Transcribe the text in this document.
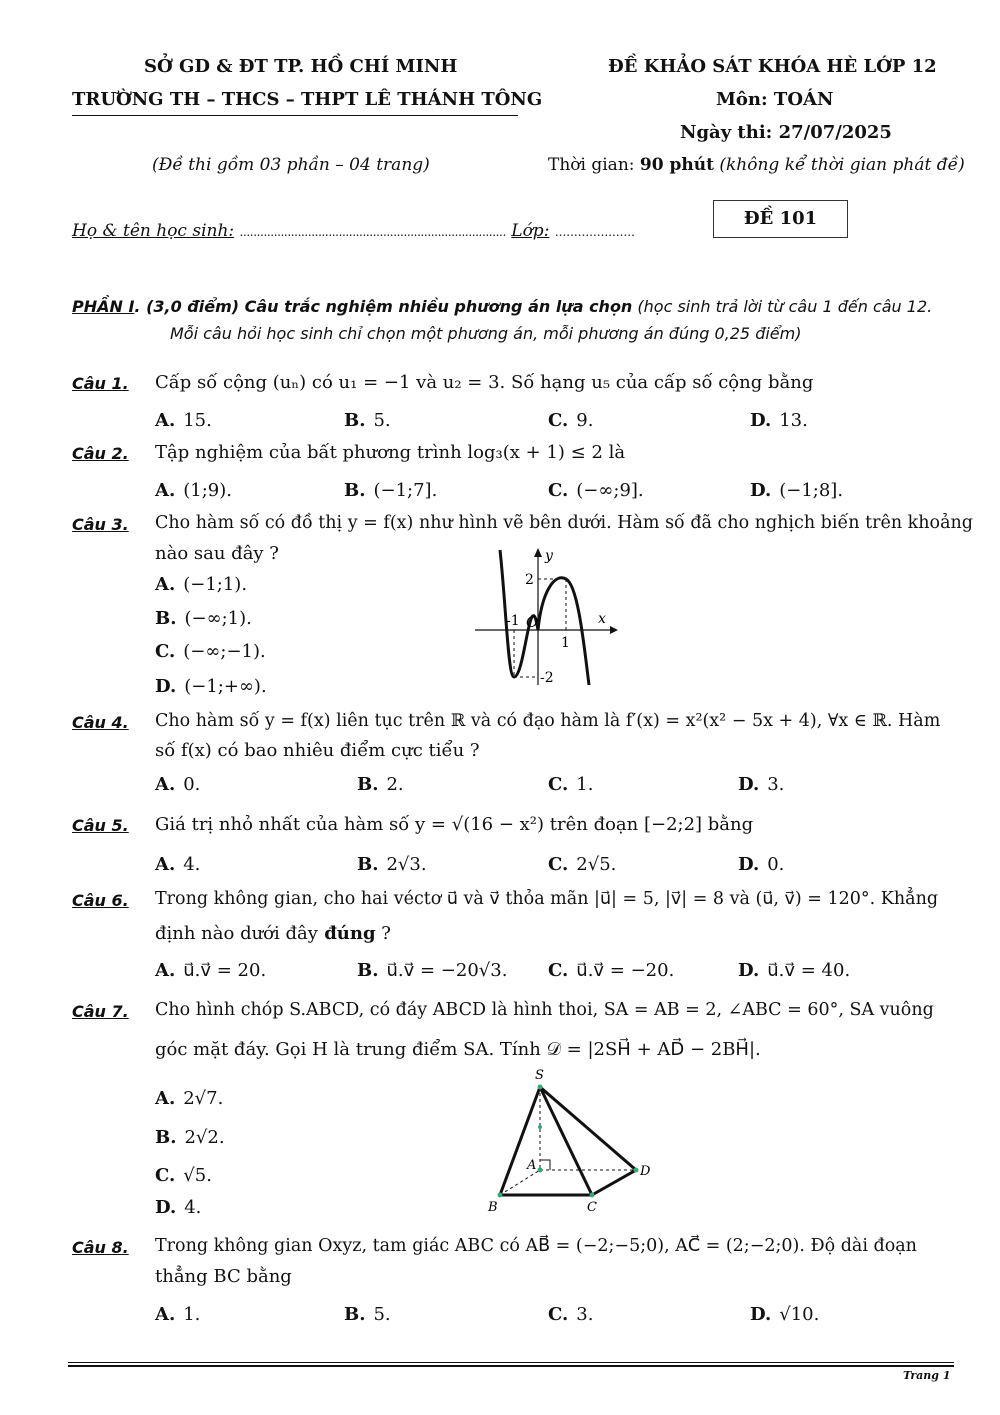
SỞ GD & ĐT TP. HỒ CHÍ MINH
TRƯỜNG TH – THCS – THPT LÊ THÁNH TÔNG
ĐỀ KHẢO SÁT KHÓA HÈ LỚP 12
Môn: TOÁN
Ngày thi: 27/07/2025
(Đề thi gồm 03 phần – 04 trang)	Thời gian: 90 phút (không kể thời gian phát đề)
Họ & tên học sinh: .............................................................................. Lớp: .....................
ĐỀ 101
PHẦN I. (3,0 điểm) Câu trắc nghiệm nhiều phương án lựa chọn (học sinh trả lời từ câu 1 đến câu 12.
Mỗi câu hỏi học sinh chỉ chọn một phương án, mỗi phương án đúng 0,25 điểm)
Câu 1. Cấp số cộng (uₙ) có u₁ = −1 và u₂ = 3. Số hạng u₅ của cấp số cộng bằng
A. 15.	B. 5.	C. 9.	D. 13.
Câu 2. Tập nghiệm của bất phương trình log₃(x + 1) ≤ 2 là
A. (1;9).	B. (−1;7].	C. (−∞;9].	D. (−1;8].
Câu 3. Cho hàm số có đồ thị y = f(x) như hình vẽ bên dưới. Hàm số đã cho nghịch biến trên khoảng
nào sau đây ?
A. (−1;1).
B. (−∞;1).
C. (−∞;−1).
D. (−1;+∞).
y
x
2
-1 O
1
-2
Câu 4. Cho hàm số y = f(x) liên tục trên ℝ và có đạo hàm là f′(x) = x²(x² − 5x + 4), ∀x ∈ ℝ. Hàm
số f(x) có bao nhiêu điểm cực tiểu ?
A. 0.	B. 2.	C. 1.	D. 3.
Câu 5. Giá trị nhỏ nhất của hàm số y = √(16 − x²) trên đoạn [−2;2] bằng
A. 4.	B. 2√3.	C. 2√5.	D. 0.
Câu 6. Trong không gian, cho hai véctơ u⃗ và v⃗ thỏa mãn |u⃗| = 5, |v⃗| = 8 và (u⃗, v⃗) = 120°. Khẳng
định nào dưới đây đúng ?
A. u⃗.v⃗ = 20.	B. u⃗.v⃗ = −20√3. C. u⃗.v⃗ = −20.	D. u⃗.v⃗ = 40.
Câu 7. Cho hình chóp S.ABCD, có đáy ABCD là hình thoi, SA = AB = 2, ∠ABC = 60°, SA vuông
góc mặt đáy. Gọi H là trung điểm SA. Tính 𝒟 = |2SH⃗ + AD⃗ − 2BH⃗|.
A. 2√7.
B. 2√2.
C. √5.
D. 4.
S
A
B	C
D
Câu 8. Trong không gian Oxyz, tam giác ABC có AB⃗ = (−2;−5;0), AC⃗ = (2;−2;0). Độ dài đoạn
thẳng BC bằng
A. 1.	B. 5.	C. 3.	D. √10.
Trang 1
